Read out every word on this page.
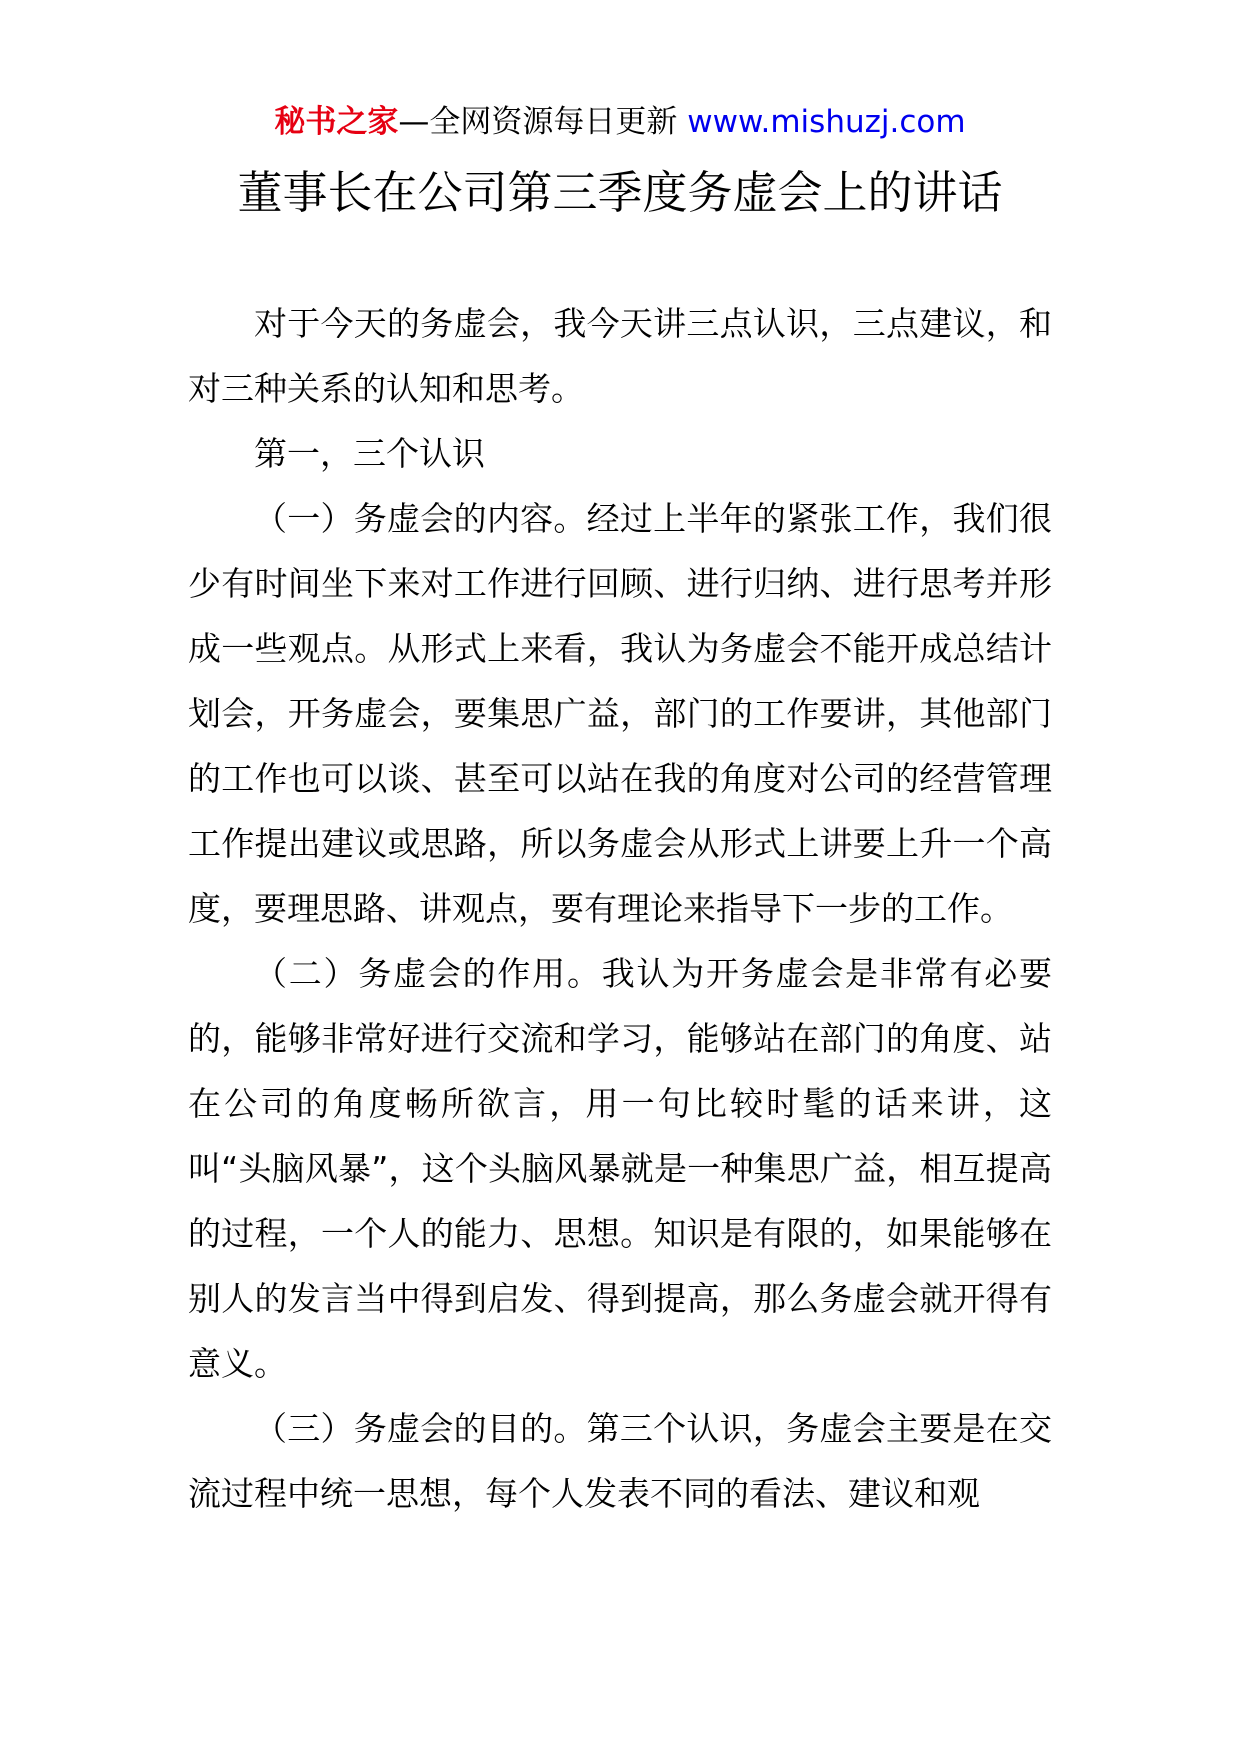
秘书之家—全网资源每日更新 www.mishuzj.com
董事长在公司第三季度务虚会上的讲话

对于今天的务虚会，我今天讲三点认识，三点建议，和对三种关系的认知和思考。

第一，三个认识

（一）务虚会的内容。经过上半年的紧张工作，我们很少有时间坐下来对工作进行回顾、进行归纳、进行思考并形成一些观点。从形式上来看，我认为务虚会不能开成总结计划会，开务虚会，要集思广益，部门的工作要讲，其他部门的工作也可以谈、甚至可以站在我的角度对公司的经营管理工作提出建议或思路，所以务虚会从形式上讲要上升一个高度，要理思路、讲观点，要有理论来指导下一步的工作。

（二）务虚会的作用。我认为开务虚会是非常有必要的，能够非常好进行交流和学习，能够站在部门的角度、站在公司的角度畅所欲言，用一句比较时髦的话来讲，这叫“头脑风暴”，这个头脑风暴就是一种集思广益，相互提高的过程，一个人的能力、思想。知识是有限的，如果能够在别人的发言当中得到启发、得到提高，那么务虚会就开得有意义。

（三）务虚会的目的。第三个认识，务虚会主要是在交流过程中统一思想，每个人发表不同的看法、建议和观
